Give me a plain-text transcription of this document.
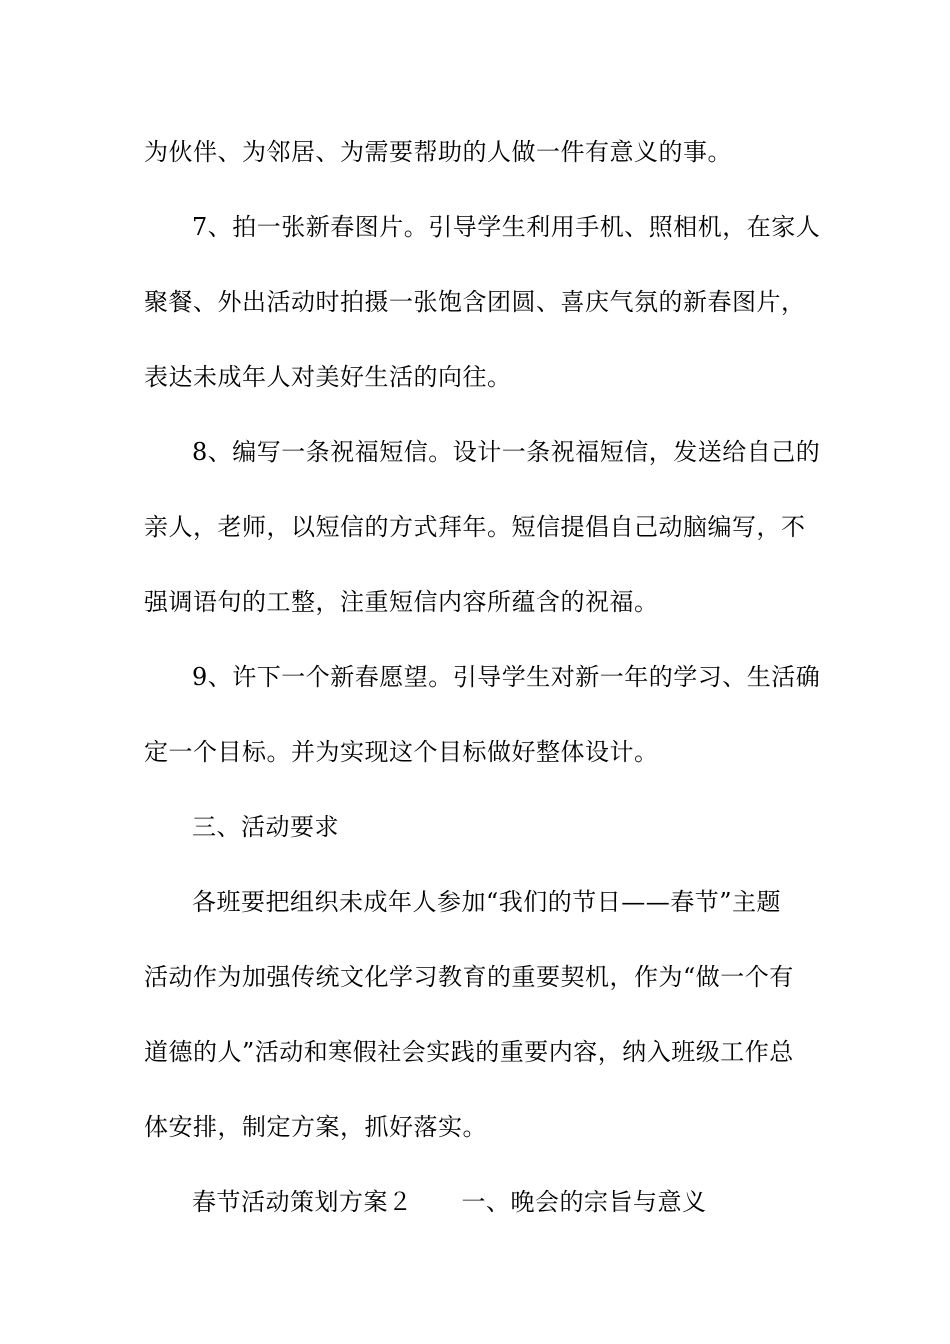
为伙伴、为邻居、为需要帮助的人做一件有意义的事。
7、拍一张新春图片。引导学生利用手机、照相机，在家人
聚餐、外出活动时拍摄一张饱含团圆、喜庆气氛的新春图片，
表达未成年人对美好生活的向往。
8、编写一条祝福短信。设计一条祝福短信，发送给自己的
亲人，老师，以短信的方式拜年。短信提倡自己动脑编写，不
强调语句的工整，注重短信内容所蕴含的祝福。
9、许下一个新春愿望。引导学生对新一年的学习、生活确
定一个目标。并为实现这个目标做好整体设计。
三、活动要求
各班要把组织未成年人参加“我们的节日——春节”主题
活动作为加强传统文化学习教育的重要契机，作为“做一个有
道德的人”活动和寒假社会实践的重要内容，纳入班级工作总
体安排，制定方案，抓好落实。
春节活动策划方案２　　一、晚会的宗旨与意义
